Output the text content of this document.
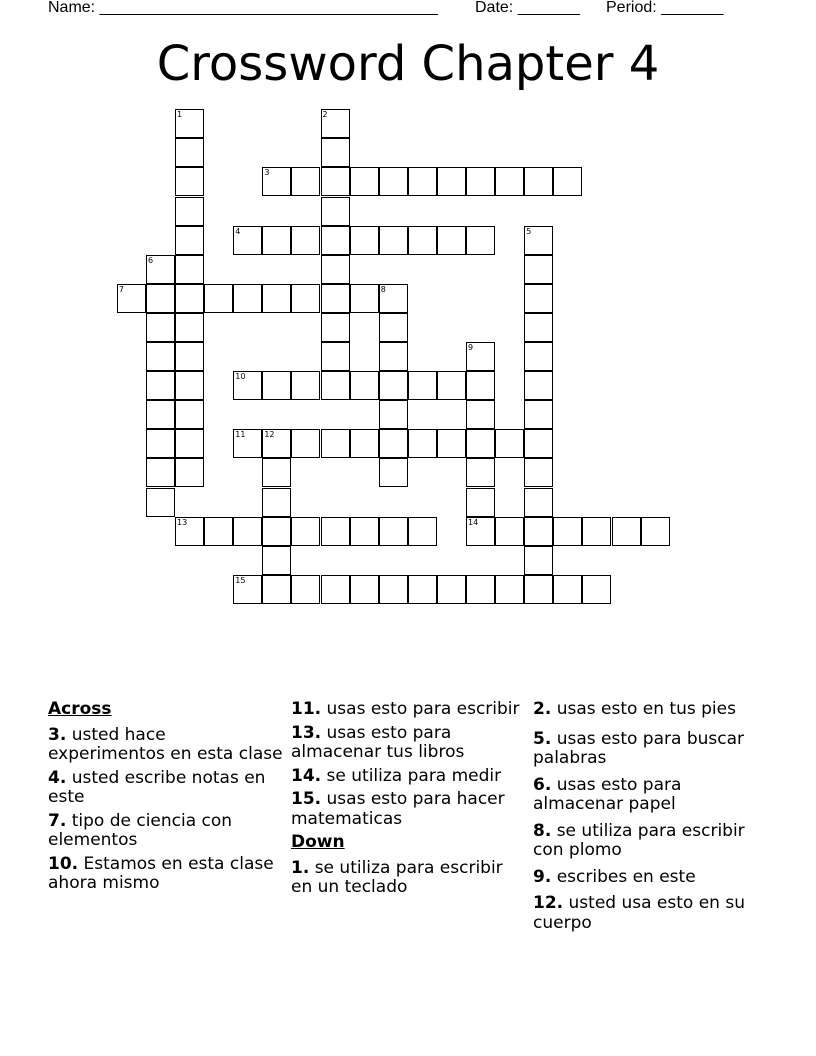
Name: ______________________________________ Date: _______ Period: _______
Crossword Chapter 4
3
4
7
10
11 12
13	14
15
1	2
5
6
8
9
Across
3. usted hace experimentos en esta clase
4. usted escribe notas en este
7. tipo de ciencia con elementos
10. Estamos en esta clase ahora mismo
11. usas esto para escribir
13. usas esto para almacenar tus libros
14. se utiliza para medir
15. usas esto para hacer matematicas
Down
1. se utiliza para escribir en un teclado
2. usas esto en tus pies
5. usas esto para buscar palabras
6. usas esto para almacenar papel
8. se utiliza para escribir con plomo
9. escribes en este
12. usted usa esto en su cuerpo
